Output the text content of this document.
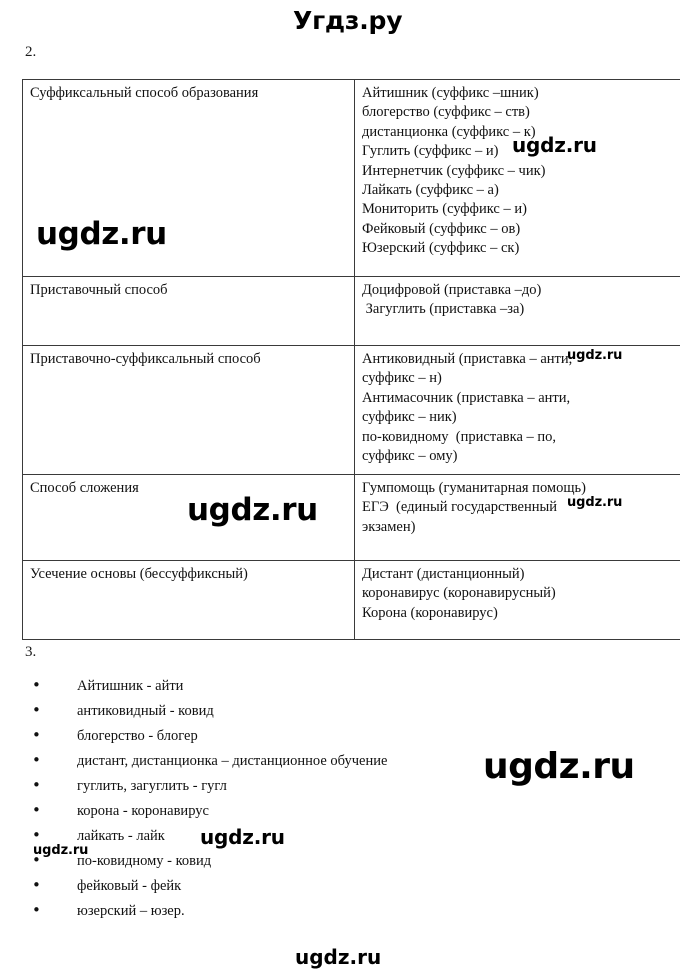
Угдз.ру
2.
Суффиксальный способ образования	Айтишник (суффикс –шник)
блогерство (суффикс – ств)
дистанционка (суффикс – к)
Гуглить (суффикс – и)
Интернетчик (суффикс – чик)
Лайкать (суффикс – а)
Мониторить (суффикс – и)
Фейковый (суффикс – ов)
Юзерский (суффикс – ск)

Приставочный способ	Доцифровой (приставка –до)
Загуглить (приставка –за)

Приставочно-суффиксальный способ	Антиковидный (приставка – анти,
суффикс – н)
Антимасочник (приставка – анти,
суффикс – ник)
по-ковидному  (приставка – по,
суффикс – ому)

Способ сложения	Гумпомощь (гуманитарная помощь)
ЕГЭ  (единый государственный
экзамен)

Усечение основы (бессуффиксный)	Дистант (дистанционный)
коронавирус (коронавирусный)
Корона (коронавирус)
3.
• Айтишник - айти
• антиковидный - ковид
• блогерство - блогер
• дистант, дистанционка – дистанционное обучение
• гуглить, загуглить - гугл
• корона - коронавирус
• лайкать - лайк
• по-ковидному - ковид
• фейковый - фейк
• юзерский – юзер.
ugdz.ru
ugdz.ru
ugdz.ru
ugdz.ru	ugdz.ru
ugdz.ru
ugdz.ru
ugdz.ru
ugdz.ru
